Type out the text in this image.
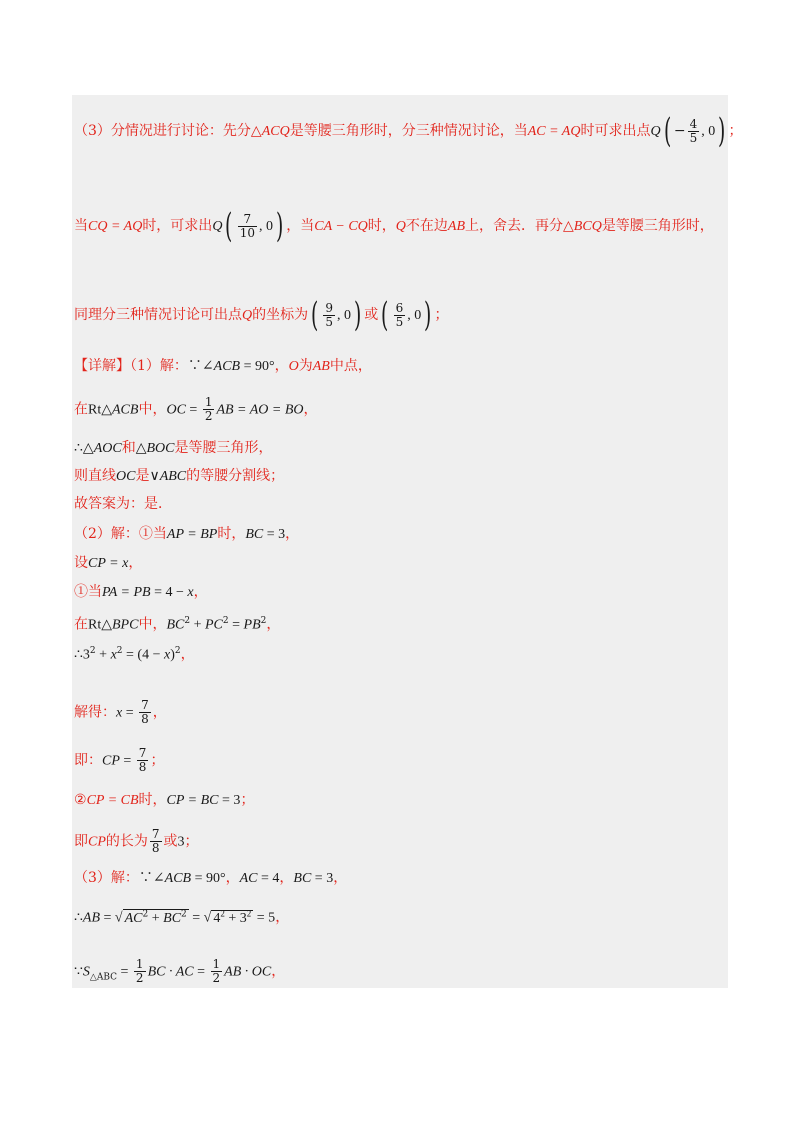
（3）分情况进行讨论：先分△ACQ是等腰三角形时，分三种情况讨论，当AC = AQ时可求出点$Q( - \frac{4}{5}$ , 0) ；
当CQ = AQ时，可求出$Q( \frac{7}{10}$ , 0) ，当CA − CQ时，Q不在边AB上，舍去．再分△BCQ是等腰三角形时，
同理分三种情况讨论可出点Q的坐标为( $\frac{9}{5}$ , 0) 或( $\frac{6}{5}$ , 0) ；
【详解】（1）解：∵∠ACB = 90°，O为AB中点，
在Rt△ACB中，OC = $\frac{1}{2}$ AB = AO = BO，
∴△AOC和△BOC是等腰三角形，
则直线OC是∨ABC的等腰分割线；
故答案为：是．
（2）解：①当AP = BP时，BC = 3，
设CP = x，
①当PA = PB = 4 − x，
在Rt△BPC中，$BC^2 + PC^2 = PB^2$，
$\therefore 3^2 + x^2 = (4 - x)^2$，
解得：$x = \frac{7}{8}$ ，
即：CP = $\frac{7}{8}$ ；
②CP = CB时，CP = BC = 3；
即CP的长为 $\frac{7}{8}$ 或3；
（3）解：∵∠ACB = 90°，AC = 4，BC = 3，
∴AB = √ $AC^2 + BC^2$ = √ $4^2 + 3^2 = 5$，
$\because S_{\triangle ABC} = \frac{1}{2}$ BC · AC = $\frac{1}{2}$ AB · OC，
